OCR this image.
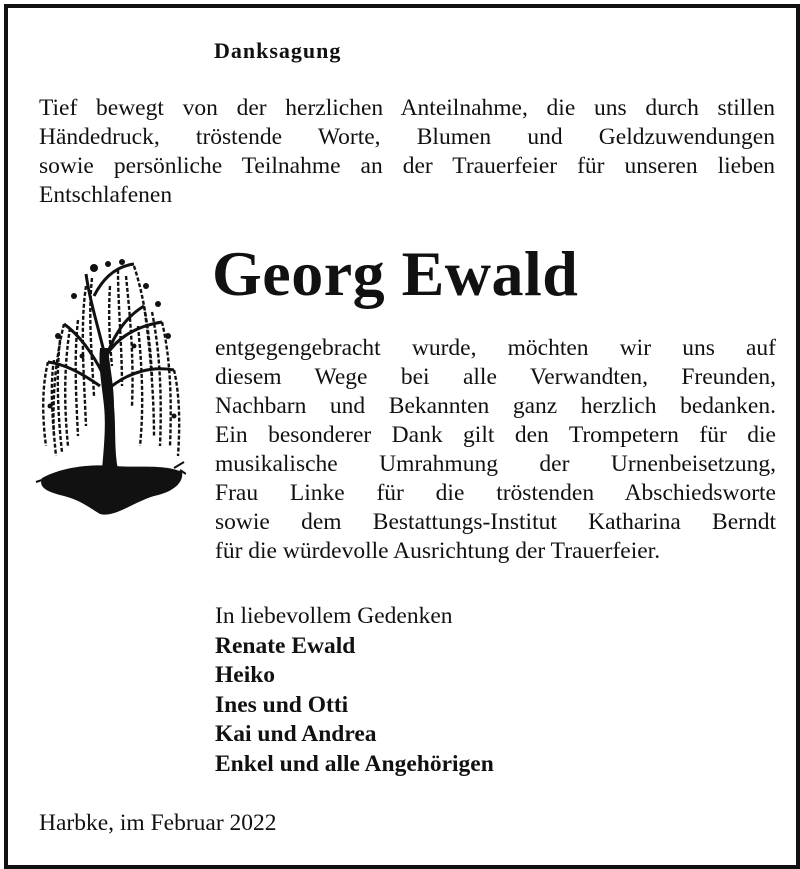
Danksagung
Tief bewegt von der herzlichen Anteilnahme, die uns durch stillen
Händedruck, tröstende Worte, Blumen und Geldzuwendungen
sowie persönliche Teilnahme an der Trauerfeier für unseren lieben
Entschlafenen
Georg Ewald
entgegengebracht wurde, möchten wir uns auf
diesem Wege bei alle Verwandten, Freunden,
Nachbarn und Bekannten ganz herzlich bedanken.
Ein besonderer Dank gilt den Trompetern für die
musikalische Umrahmung der Urnenbeisetzung,
Frau Linke für die tröstenden Abschiedsworte
sowie dem Bestattungs-Institut Katharina Berndt
für die würdevolle Ausrichtung der Trauerfeier.
In liebevollem Gedenken
Renate Ewald
Heiko
Ines und Otti
Kai und Andrea
Enkel und alle Angehörigen
Harbke, im Februar 2022
